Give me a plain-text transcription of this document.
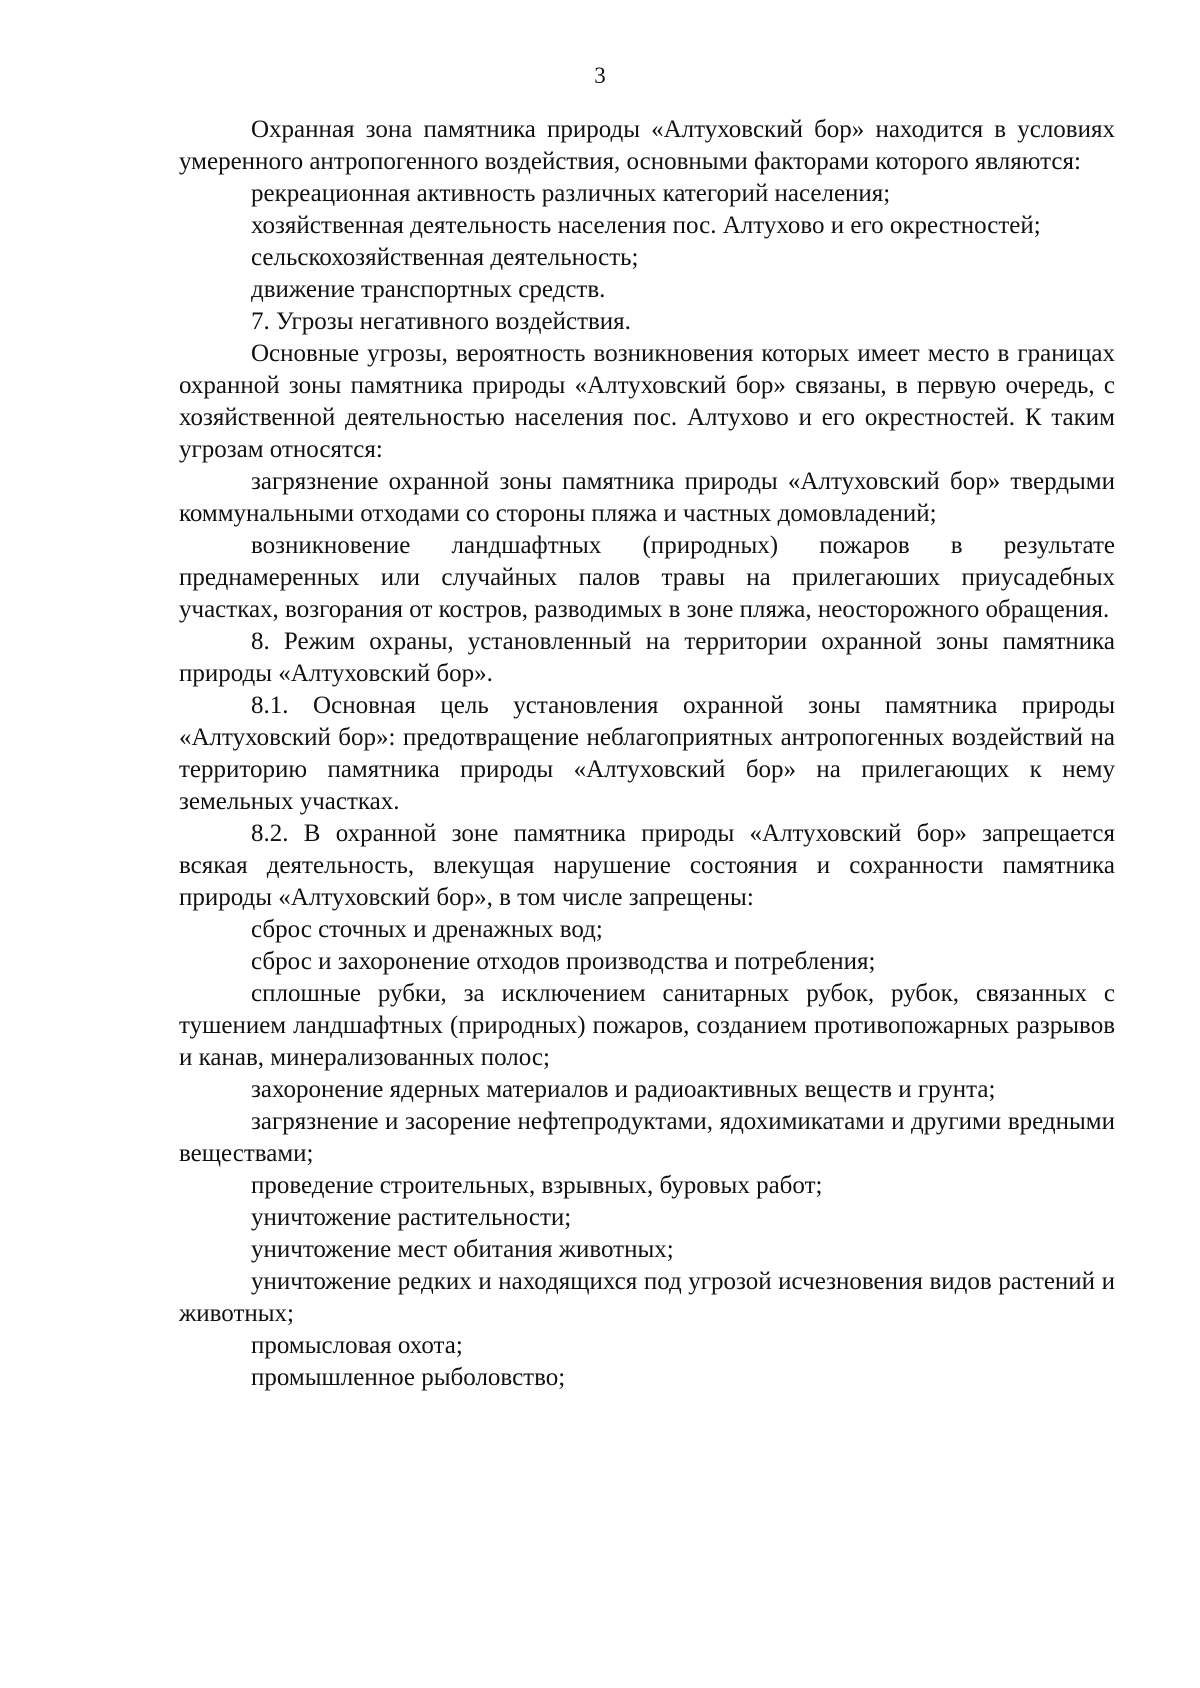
3

Охранная зона памятника природы «Алтуховский бор» находится в условиях умеренного антропогенного воздействия, основными факторами которого являются:

рекреационная активность различных категорий населения;

хозяйственная деятельность населения пос. Алтухово и его окрестностей;

сельскохозяйственная деятельность;

движение транспортных средств.

7. Угрозы негативного воздействия.

Основные угрозы, вероятность возникновения которых имеет место в границах охранной зоны памятника природы «Алтуховский бор» связаны, в первую очередь, с хозяйственной деятельностью населения пос. Алтухово и его окрестностей. К таким угрозам относятся:

загрязнение охранной зоны памятника природы «Алтуховский бор» твердыми коммунальными отходами со стороны пляжа и частных домовладений;

возникновение ландшафтных (природных) пожаров в результате преднамеренных или случайных палов травы на прилегаюших приусадебных участках, возгорания от костров, разводимых в зоне пляжа, неосторожного обращения.

8. Режим охраны, установленный на территории охранной зоны памятника природы «Алтуховский бор».

8.1. Основная цель установления охранной зоны памятника природы «Алтуховский бор»: предотвращение неблагоприятных антропогенных воздействий на территорию памятника природы «Алтуховский бор» на прилегающих к нему земельных участках.

8.2. В охранной зоне памятника природы «Алтуховский бор» запрещается всякая деятельность, влекущая нарушение состояния и сохранности памятника природы «Алтуховский бор», в том числе запрещены:

сброс сточных и дренажных вод;

сброс и захоронение отходов производства и потребления;

сплошные рубки, за исключением санитарных рубок, рубок, связанных с тушением ландшафтных (природных) пожаров, созданием противопожарных разрывов и канав, минерализованных полос;

захоронение ядерных материалов и радиоактивных веществ и грунта;

загрязнение и засорение нефтепродуктами, ядохимикатами и другими вредными веществами;

проведение строительных, взрывных, буровых работ;

уничтожение растительности;

уничтожение мест обитания животных;

уничтожение редких и находящихся под угрозой исчезновения видов растений и животных;

промысловая охота;

промышленное рыболовство;
